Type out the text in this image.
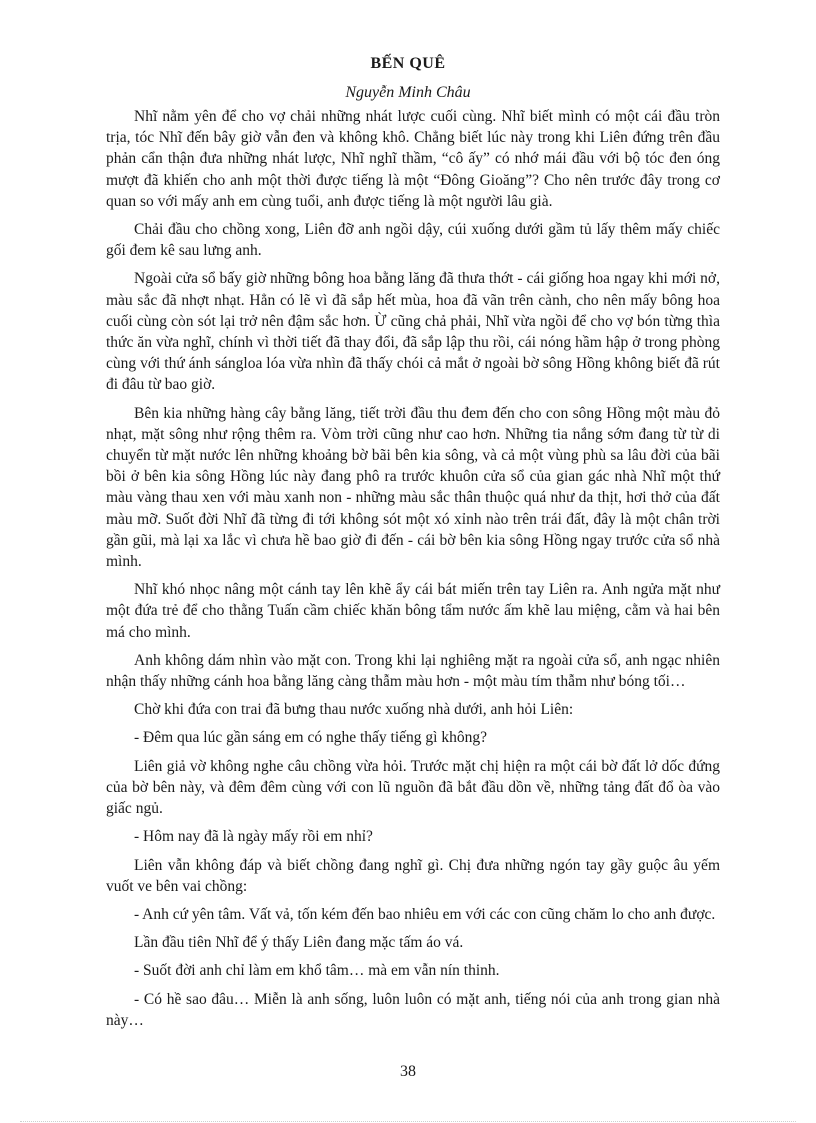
BẾN QUÊ
Nguyễn Minh Châu

Nhĩ nằm yên để cho vợ chải những nhát lược cuối cùng. Nhĩ biết mình có một cái đầu tròn trịa, tóc Nhĩ đến bây giờ vẫn đen và không khô. Chẳng biết lúc này trong khi Liên đứng trên đầu phản cẩn thận đưa những nhát lược, Nhĩ nghĩ thầm, “cô ấy” có nhớ mái đầu với bộ tóc đen óng mượt đã khiến cho anh một thời được tiếng là một “Đông Gioăng”? Cho nên trước đây trong cơ quan so với mấy anh em cùng tuổi, anh được tiếng là một người lâu già.

Chải đầu cho chồng xong, Liên đỡ anh ngồi dậy, cúi xuống dưới gầm tủ lấy thêm mấy chiếc gối đem kê sau lưng anh.

Ngoài cửa sổ bấy giờ những bông hoa bằng lăng đã thưa thớt - cái giống hoa ngay khi mới nở, màu sắc đã nhợt nhạt. Hẳn có lẽ vì đã sắp hết mùa, hoa đã vãn trên cành, cho nên mấy bông hoa cuối cùng còn sót lại trở nên đậm sắc hơn. Ừ cũng chả phải, Nhĩ vừa ngồi để cho vợ bón từng thìa thức ăn vừa nghĩ, chính vì thời tiết đã thay đổi, đã sắp lập thu rồi, cái nóng hầm hập ở trong phòng cùng với thứ ánh sángloa lóa vừa nhìn đã thấy chói cả mắt ở ngoài bờ sông Hồng không biết đã rút đi đâu từ bao giờ.

Bên kia những hàng cây bằng lăng, tiết trời đầu thu đem đến cho con sông Hồng một màu đỏ nhạt, mặt sông như rộng thêm ra. Vòm trời cũng như cao hơn. Những tia nắng sớm đang từ từ di chuyển từ mặt nước lên những khoảng bờ bãi bên kia sông, và cả một vùng phù sa lâu đời của bãi bồi ở bên kia sông Hồng lúc này đang phô ra trước khuôn cửa sổ của gian gác nhà Nhĩ một thứ màu vàng thau xen với màu xanh non - những màu sắc thân thuộc quá như da thịt, hơi thở của đất màu mỡ. Suốt đời Nhĩ đã từng đi tới không sót một xó xỉnh nào trên trái đất, đây là một chân trời gần gũi, mà lại xa lắc vì chưa hề bao giờ đi đến - cái bờ bên kia sông Hồng ngay trước cửa sổ nhà mình.

Nhĩ khó nhọc nâng một cánh tay lên khẽ ẩy cái bát miến trên tay Liên ra. Anh ngửa mặt như một đứa trẻ để cho thằng Tuấn cầm chiếc khăn bông tẩm nước ấm khẽ lau miệng, cằm và hai bên má cho mình.

Anh không dám nhìn vào mặt con. Trong khi lại nghiêng mặt ra ngoài cửa sổ, anh ngạc nhiên nhận thấy những cánh hoa bằng lăng càng thẫm màu hơn - một màu tím thẫm như bóng tối…

Chờ khi đứa con trai đã bưng thau nước xuống nhà dưới, anh hỏi Liên:

- Đêm qua lúc gần sáng em có nghe thấy tiếng gì không?

Liên giả vờ không nghe câu chồng vừa hỏi. Trước mặt chị hiện ra một cái bờ đất lở dốc đứng của bờ bên này, và đêm đêm cùng với con lũ nguồn đã bắt đầu dồn về, những tảng đất đổ òa vào giấc ngủ.

- Hôm nay đã là ngày mấy rồi em nhỉ?

Liên vẫn không đáp và biết chồng đang nghĩ gì. Chị đưa những ngón tay gầy guộc âu yếm vuốt ve bên vai chồng:

- Anh cứ yên tâm. Vất vả, tốn kém đến bao nhiêu em với các con cũng chăm lo cho anh được.

Lần đầu tiên Nhĩ để ý thấy Liên đang mặc tấm áo vá.

- Suốt đời anh chỉ làm em khổ tâm… mà em vẫn nín thinh.

- Có hề sao đâu… Miễn là anh sống, luôn luôn có mặt anh, tiếng nói của anh trong gian nhà này…

38
